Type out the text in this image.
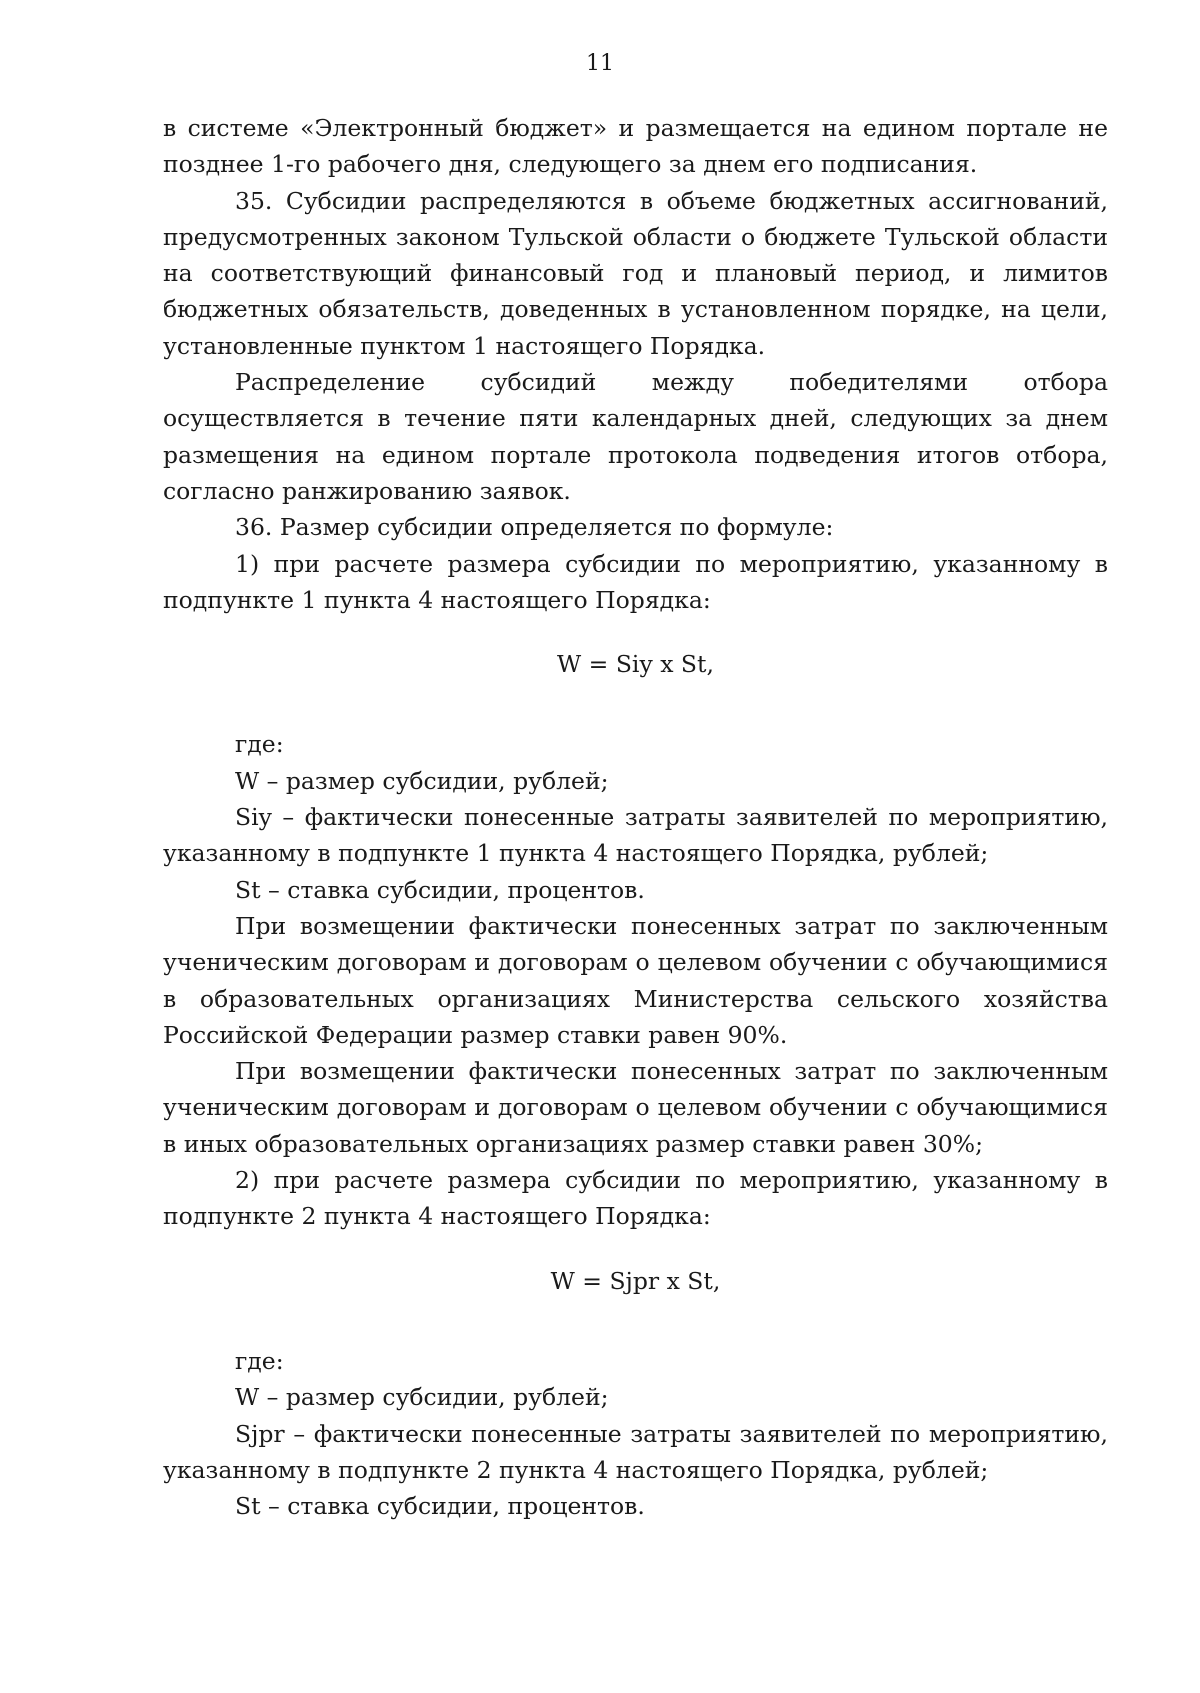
11

в системе «Электронный бюджет» и размещается на едином портале не позднее 1-го рабочего дня, следующего за днем его подписания.

35. Субсидии распределяются в объеме бюджетных ассигнований, предусмотренных законом Тульской области о бюджете Тульской области на соответствующий финансовый год и плановый период, и лимитов бюджетных обязательств, доведенных в установленном порядке, на цели, установленные пунктом 1 настоящего Порядка.

Распределение субсидий между победителями отбора осуществляется в течение пяти календарных дней, следующих за днем размещения на едином портале протокола подведения итогов отбора, согласно ранжированию заявок.

36. Размер субсидии определяется по формуле:

1) при расчете размера субсидии по мероприятию, указанному в подпункте 1 пункта 4 настоящего Порядка:

W = Siy x St,

где:

W – размер субсидии, рублей;

Siy – фактически понесенные затраты заявителей по мероприятию, указанному в подпункте 1 пункта 4 настоящего Порядка, рублей;

St – ставка субсидии, процентов.

При возмещении фактически понесенных затрат по заключенным ученическим договорам и договорам о целевом обучении с обучающимися в образовательных организациях Министерства сельского хозяйства Российской Федерации размер ставки равен 90%.

При возмещении фактически понесенных затрат по заключенным ученическим договорам и договорам о целевом обучении с обучающимися в иных образовательных организациях размер ставки равен 30%;

2) при расчете размера субсидии по мероприятию, указанному в подпункте 2 пункта 4 настоящего Порядка:

W = Sjpr x St,

где:

W – размер субсидии, рублей;

Sjpr – фактически понесенные затраты заявителей по мероприятию, указанному в подпункте 2 пункта 4 настоящего Порядка, рублей;

St – ставка субсидии, процентов.
